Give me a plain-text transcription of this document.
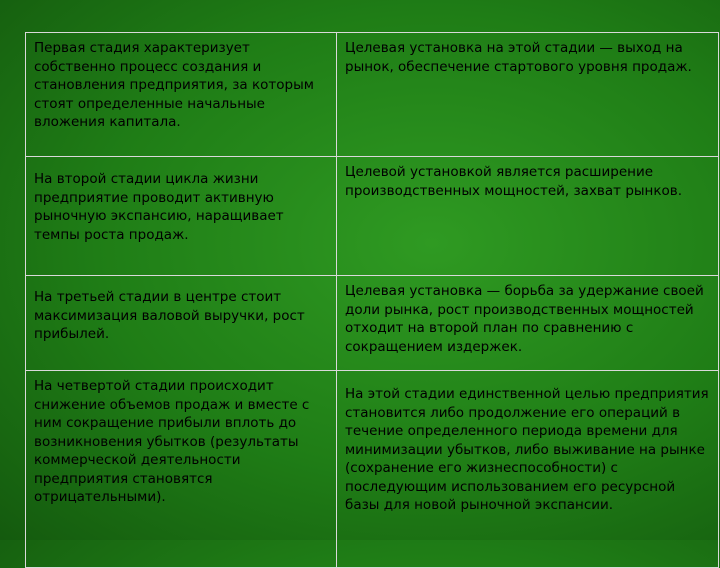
Первая стадия характеризует собственно процесс создания и становления предприятия, за которым стоят определенные начальные вложения капитала.	Целевая установка на этой стадии — выход на рынок, обеспечение стартового уровня продаж.

На второй стадии цикла жизни предприятие проводит активную рыночную экспансию, наращивает темпы роста продаж.	Целевой установкой является расширение производственных мощностей, захват рынков.

На третьей стадии в центре стоит максимизация валовой выручки, рост прибылей.	Целевая установка — борьба за удержание своей доли рынка, рост производственных мощностей отходит на второй план по сравнению с сокращением издержек.

На четвертой стадии происходит снижение объемов продаж и вместе с ним сокращение прибыли вплоть до возникновения убытков (результаты коммерческой деятельности предприятия становятся отрицательными).	На этой стадии единственной целью предприятия становится либо продолжение его операций в течение определенного периода времени для минимизации убытков, либо выживание на рынке (сохранение его жизнеспособности) с последующим использованием его ресурсной базы для новой рыночной экспансии.
